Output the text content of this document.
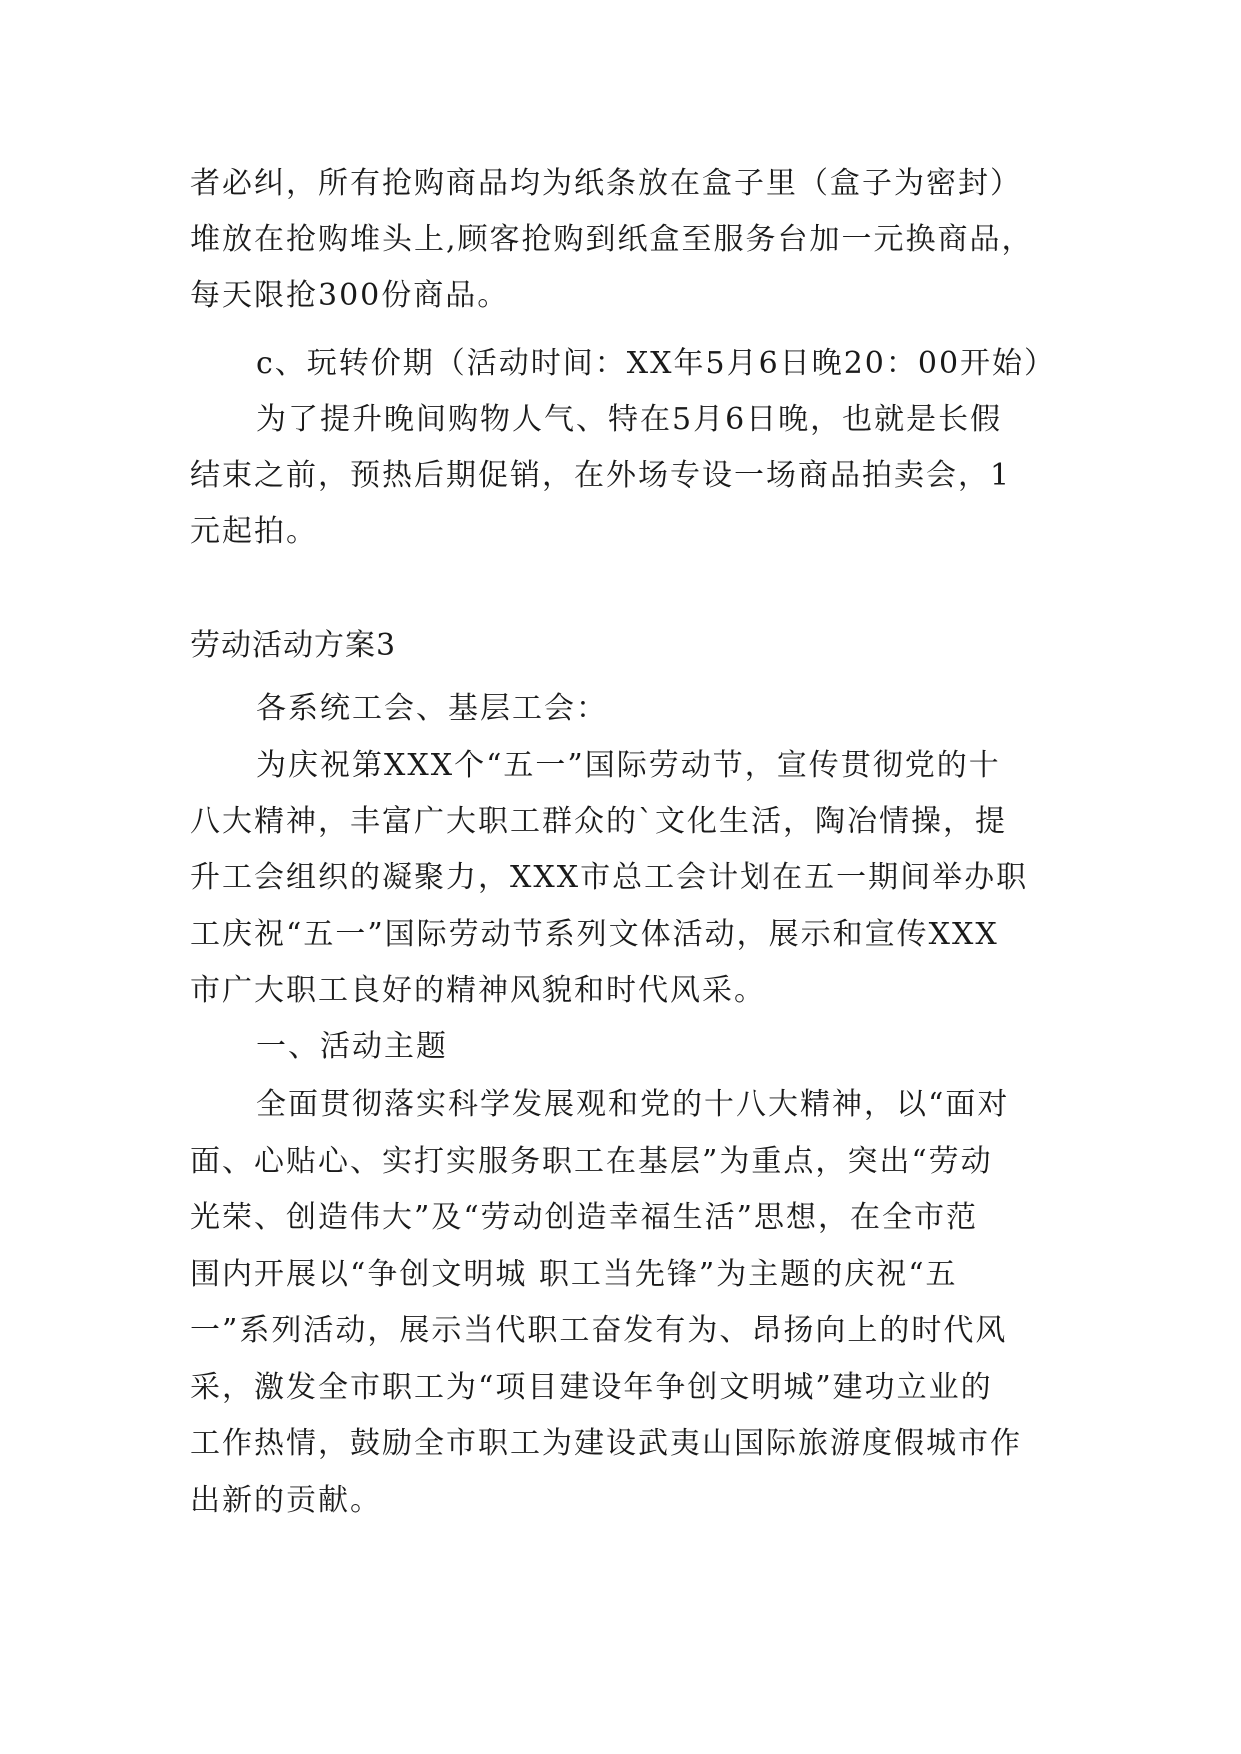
者必纠，所有抢购商品均为纸条放在盒子里（盒子为密封）
堆放在抢购堆头上,顾客抢购到纸盒至服务台加一元换商品，
每天限抢300份商品。
c、玩转价期（活动时间：XX年5月6日晚20：00开始）
为了提升晚间购物人气、特在5月6日晚，也就是长假
结束之前，预热后期促销，在外场专设一场商品拍卖会，1
元起拍。
劳动活动方案3
各系统工会、基层工会：
为庆祝第XXX个“五一”国际劳动节，宣传贯彻党的十
八大精神，丰富广大职工群众的`文化生活，陶冶情操，提
升工会组织的凝聚力，XXX市总工会计划在五一期间举办职
工庆祝“五一”国际劳动节系列文体活动，展示和宣传XXX
市广大职工良好的精神风貌和时代风采。
一、活动主题
全面贯彻落实科学发展观和党的十八大精神，以“面对
面、心贴心、实打实服务职工在基层”为重点，突出“劳动
光荣、创造伟大”及“劳动创造幸福生活”思想，在全市范
围内开展以“争创文明城 职工当先锋”为主题的庆祝“五
一”系列活动，展示当代职工奋发有为、昂扬向上的时代风
采，激发全市职工为“项目建设年争创文明城”建功立业的
工作热情，鼓励全市职工为建设武夷山国际旅游度假城市作
出新的贡献。
